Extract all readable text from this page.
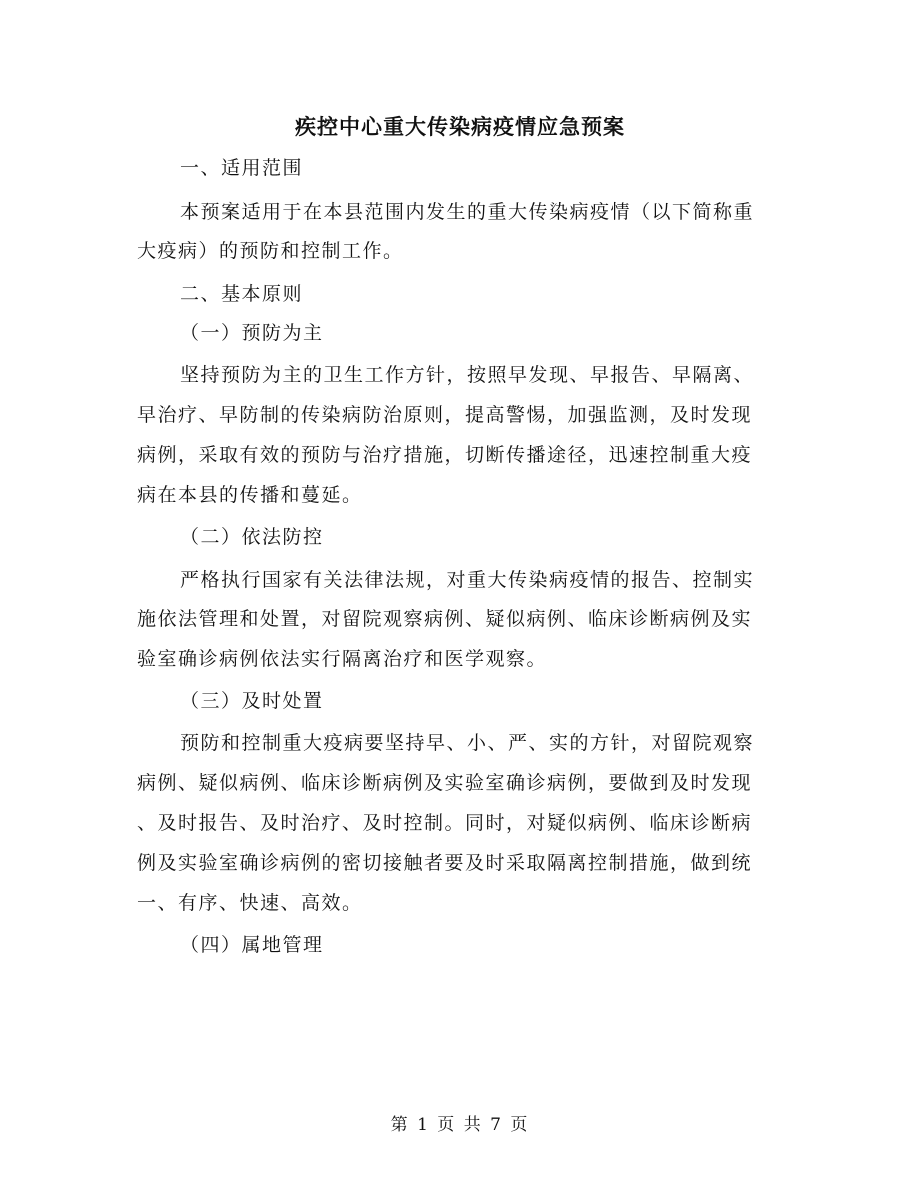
疾控中心重大传染病疫情应急预案
一、适用范围
本预案适用于在本县范围内发生的重大传染病疫情（以下简称重
大疫病）的预防和控制工作。
二、基本原则
（一）预防为主
坚持预防为主的卫生工作方针，按照早发现、早报告、早隔离、
早治疗、早防制的传染病防治原则，提高警惕，加强监测，及时发现
病例，采取有效的预防与治疗措施，切断传播途径，迅速控制重大疫
病在本县的传播和蔓延。
（二）依法防控
严格执行国家有关法律法规，对重大传染病疫情的报告、控制实
施依法管理和处置，对留院观察病例、疑似病例、临床诊断病例及实
验室确诊病例依法实行隔离治疗和医学观察。
（三）及时处置
预防和控制重大疫病要坚持早、小、严、实的方针，对留院观察
病例、疑似病例、临床诊断病例及实验室确诊病例，要做到及时发现
、及时报告、及时治疗、及时控制。同时，对疑似病例、临床诊断病
例及实验室确诊病例的密切接触者要及时采取隔离控制措施，做到统
一、有序、快速、高效。
（四）属地管理
第 1 页 共 7 页
